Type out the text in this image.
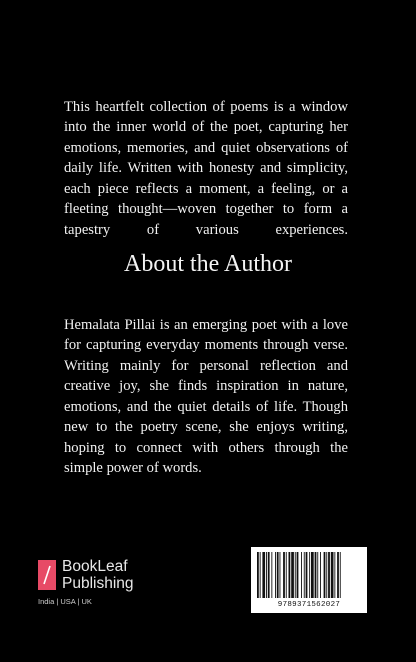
This heartfelt collection of poems is a window into the inner world of the poet, capturing her emotions, memories, and quiet observations of daily life. Written with honesty and simplicity, each piece reflects a moment, a feeling, or a fleeting thought—woven together to form a tapestry of various experiences.

About the Author

Hemalata Pillai is an emerging poet with a love for capturing everyday moments through verse. Writing mainly for personal reflection and creative joy, she finds inspiration in nature, emotions, and the quiet details of life. Though new to the poetry scene, she enjoys writing, hoping to connect with others through the simple power of words.

BookLeaf
Publishing
India | USA | UK	9789371562027
